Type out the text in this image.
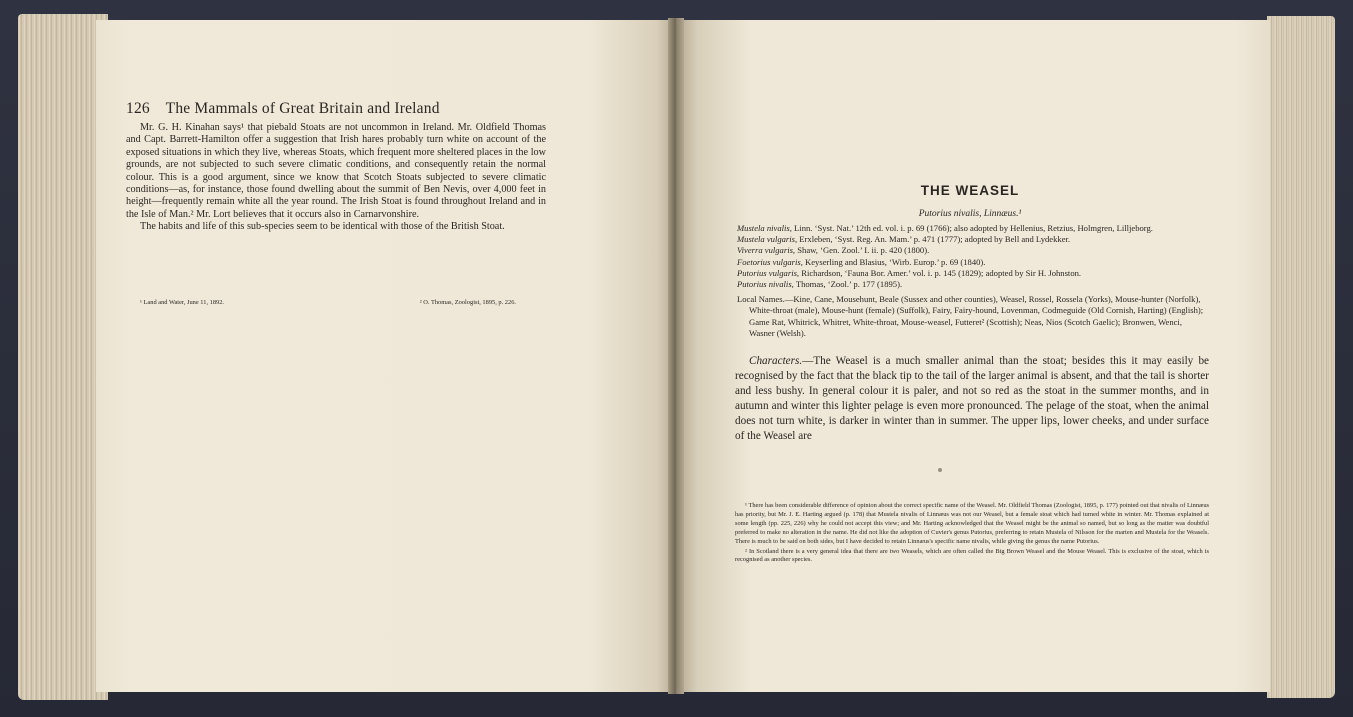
126 The Mammals of Great Britain and Ireland

Mr. G. H. Kinahan says¹ that piebald Stoats are not uncommon in Ireland. Mr. Oldfield Thomas and Capt. Barrett-Hamilton offer a suggestion that Irish hares probably turn white on account of the exposed situations in which they live, whereas Stoats, which frequent more sheltered places in the low grounds, are not subjected to such severe climatic conditions, and consequently retain the normal colour. This is a good argument, since we know that Scotch Stoats subjected to severe climatic conditions—as, for instance, those found dwelling about the summit of Ben Nevis, over 4,000 feet in height—frequently remain white all the year round. The Irish Stoat is found throughout Ireland and in the Isle of Man.² Mr. Lort believes that it occurs also in Carnarvonshire.

The habits and life of this sub-species seem to be identical with those of the British Stoat.

¹ Land and Water, June 11, 1892.	² O. Thomas, Zoologist, 1895, p. 226.
THE WEASEL
Putorius nivalis, Linnæus.¹

Mustela nivalis, Linn. ‘Syst. Nat.’ 12th ed. vol. i. p. 69 (1766); also adopted by Hellenius, Retzius, Holmgren, Lilljeborg.

Mustela vulgaris, Erxleben, ‘Syst. Reg. An. Mam.’ p. 471 (1777); adopted by Bell and Lydekker.

Viverra vulgaris, Shaw, ‘Gen. Zool.’ I. ii. p. 420 (1800).

Foetorius vulgaris, Keyserling and Blasius, ‘Wirb. Europ.’ p. 69 (1840).

Putorius vulgaris, Richardson, ‘Fauna Bor. Amer.’ vol. i. p. 145 (1829); adopted by Sir H. Johnston.

Putorius nivalis, Thomas, ‘Zool.’ p. 177 (1895).

Local Names.—Kine, Cane, Mousehunt, Beale (Sussex and other counties), Weasel, Rossel, Rossela (Yorks), Mouse-hunter (Norfolk), White-throat (male), Mouse-hunt (female) (Suffolk), Fairy, Fairy-hound, Lovenman, Codmeguide (Old Cornish, Harting) (English); Game Rat, Whitrick, Whitret, White-throat, Mouse-weasel, Futteret² (Scottish); Neas, Nios (Scotch Gaelic); Bronwen, Wenci, Wasner (Welsh).

Characters.—The Weasel is a much smaller animal than the stoat; besides this it may easily be recognised by the fact that the black tip to the tail of the larger animal is absent, and that the tail is shorter and less bushy. In general colour it is paler, and not so red as the stoat in the summer months, and in autumn and winter this lighter pelage is even more pronounced. The pelage of the stoat, when the animal does not turn white, is darker in winter than in summer. The upper lips, lower cheeks, and under surface of the Weasel are

¹ There has been considerable difference of opinion about the correct specific name of the Weasel. Mr. Oldfield Thomas (Zoologist, 1895, p. 177) pointed out that nivalis of Linnæus has priority, but Mr. J. E. Harting argued (p. 178) that Mustela nivalis of Linnæus was not our Weasel, but a female stoat which had turned white in winter. Mr. Thomas explained at some length (pp. 225, 226) why he could not accept this view; and Mr. Harting acknowledged that the Weasel might be the animal so named, but so long as the matter was doubtful preferred to make no alteration in the name. He did not like the adoption of Cuvier's genus Putorius, preferring to retain Mustela of Nilsson for the marten and Mustela for the Weasels. There is much to be said on both sides, but I have decided to retain Linnæus's specific name nivalis, while giving the genus the name Putorius.

² In Scotland there is a very general idea that there are two Weasels, which are often called the Big Brown Weasel and the Mouse Weasel. This is exclusive of the stoat, which is recognised as another species.
